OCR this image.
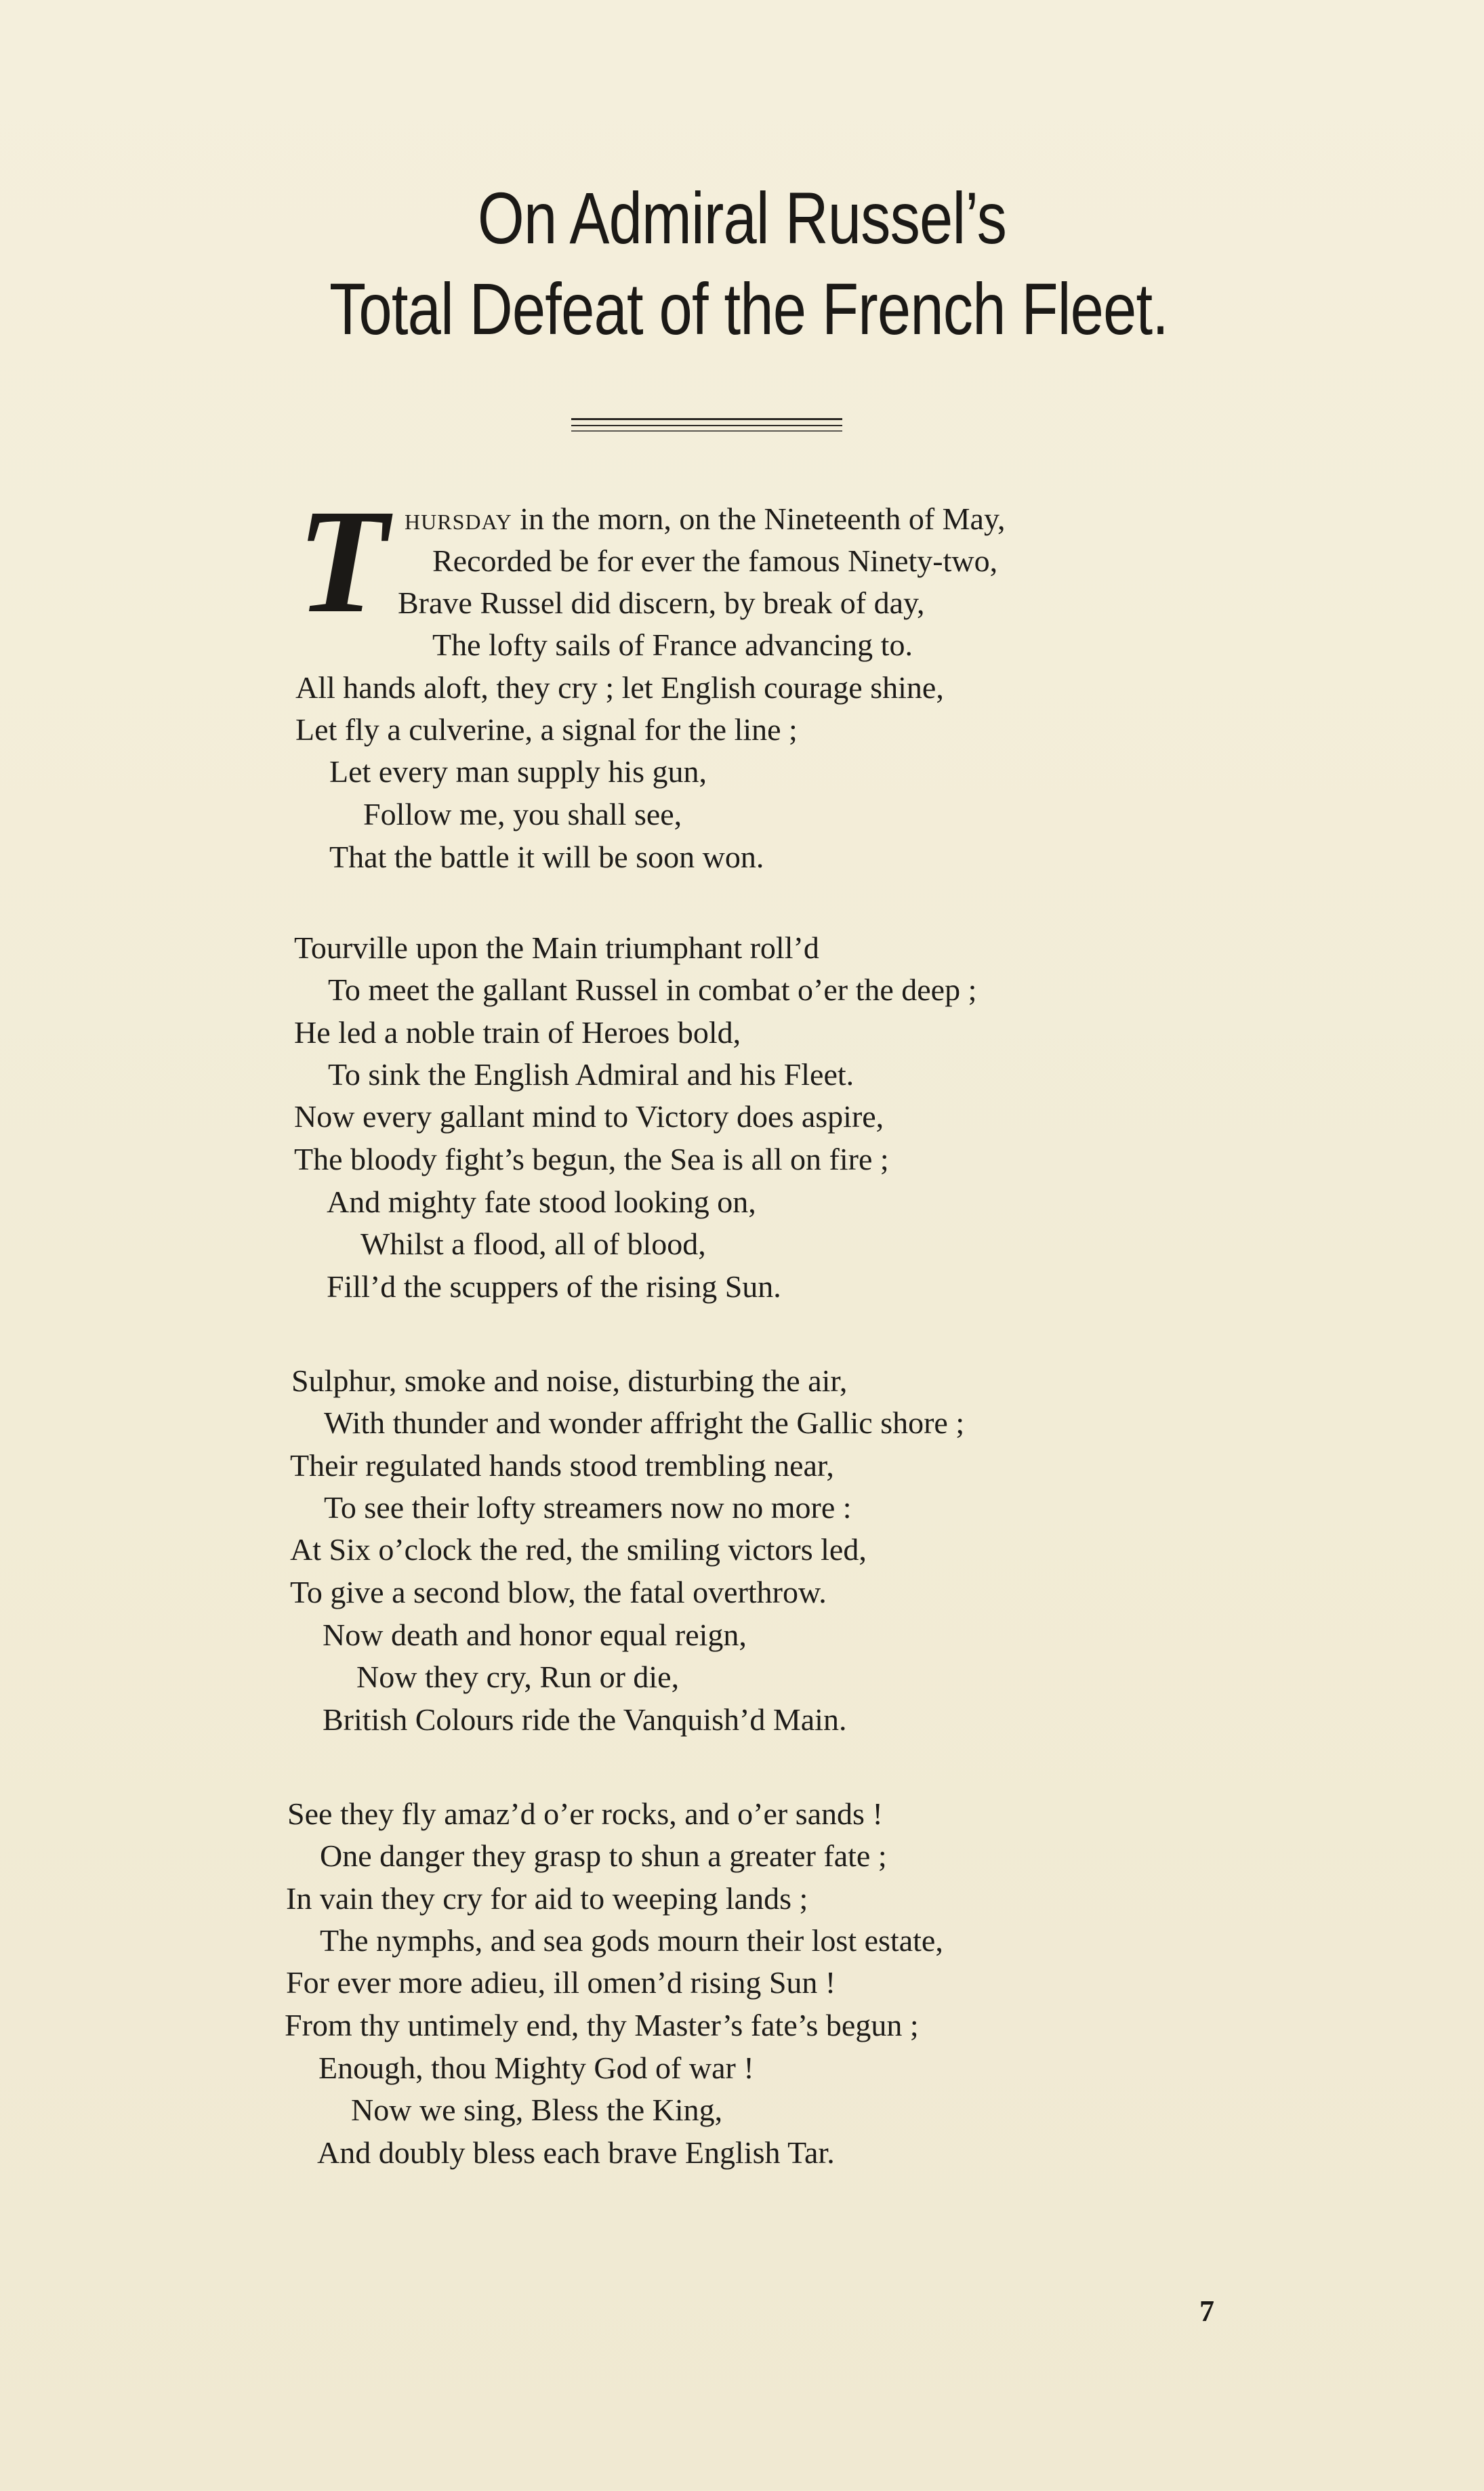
On Admiral Russel’s
Total Defeat of the French Fleet.
T hursday in the morn, on the Nineteenth of May,
Recorded be for ever the famous Ninety-two,
Brave Russel did discern, by break of day,
The lofty sails of France advancing to.
All hands aloft, they cry ; let English courage shine,
Let fly a culverine, a signal for the line ;
Let every man supply his gun,
Follow me, you shall see,
That the battle it will be soon won.
Tourville upon the Main triumphant roll’d
To meet the gallant Russel in combat o’er the deep ;
He led a noble train of Heroes bold,
To sink the English Admiral and his Fleet.
Now every gallant mind to Victory does aspire,
The bloody fight’s begun, the Sea is all on fire ;
And mighty fate stood looking on,
Whilst a flood, all of blood,
Fill’d the scuppers of the rising Sun.
Sulphur, smoke and noise, disturbing the air,
With thunder and wonder affright the Gallic shore ;
Their regulated hands stood trembling near,
To see their lofty streamers now no more :
At Six o’clock the red, the smiling victors led,
To give a second blow, the fatal overthrow.
Now death and honor equal reign,
Now they cry, Run or die,
British Colours ride the Vanquish’d Main.
See they fly amaz’d o’er rocks, and o’er sands !
One danger they grasp to shun a greater fate ;
In vain they cry for aid to weeping lands ;
The nymphs, and sea gods mourn their lost estate,
For ever more adieu, ill omen’d rising Sun !
From thy untimely end, thy Master’s fate’s begun ;
Enough, thou Mighty God of war !
Now we sing, Bless the King,
And doubly bless each brave English Tar.
7
